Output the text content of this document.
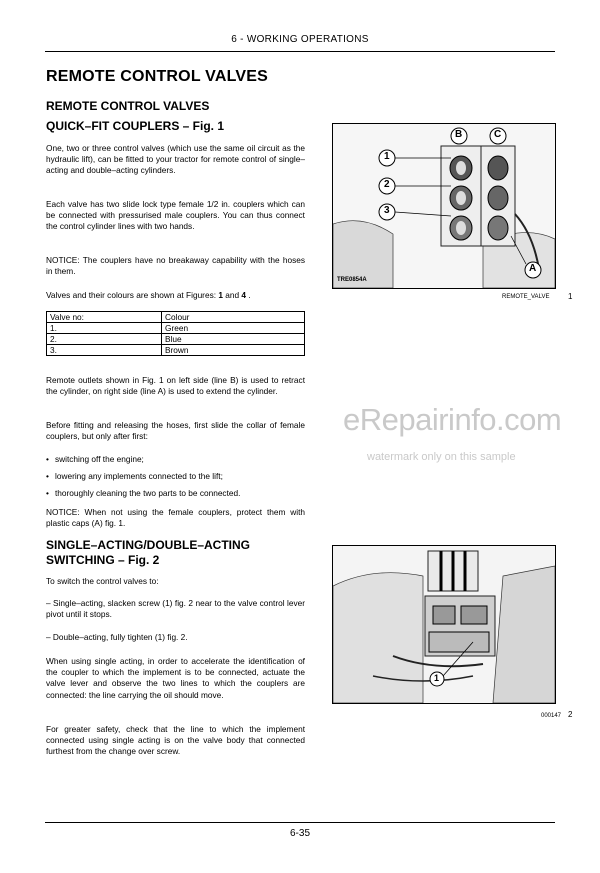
6 - WORKING OPERATIONS
REMOTE CONTROL VALVES
REMOTE CONTROL VALVES
QUICK–FIT COUPLERS – Fig. 1

One, two or three control valves (which use the same oil circuit as the hydraulic lift), can be fitted to your tractor for remote control of single–acting and double–acting cylinders.

Each valve has two slide lock type female 1/2 in. couplers which can be connected with pressurised male couplers. You can thus connect the control cylinder lines with two hands.

NOTICE: The couplers have no breakaway capability with the hoses in them.

Valves and their colours are shown at Figures: 1 and 4 .

Valve no:	Colour
1.	Green
2.	Blue
3.	Brown

Remote outlets shown in Fig. 1 on left side (line B) is used to retract the cylinder, on right side (line A) is used to extend the cylinder.

Before fitting and releasing the hoses, first slide the collar of female couplers, but only after first:

• switching off the engine;
• lowering any implements connected to the lift;
• thoroughly cleaning the two parts to be connected.

NOTICE: When not using the female couplers, protect them with plastic caps (A) fig. 1.

SINGLE–ACTING/DOUBLE–ACTING
SWITCHING – Fig. 2

To switch the control valves to:

– Single–acting, slacken screw (1) fig. 2 near to the valve control lever pivot until it stops.

– Double–acting, fully tighten (1) fig. 2.

When using single acting, in order to accelerate the identification of the coupler to which the implement is to be connected, actuate the valve lever and observe the two lines to which the couplers are connected: the line carrying the oil should move.

For greater safety, check that the line to which the implement connected using single acting is on the valve body that connected furthest from the change over screw.

B	C
1
2
3
A
TRE0854A
REMOTE_VALVE 1
1
000147 2
eRepairinfo.com
watermark only on this sample
6-35
